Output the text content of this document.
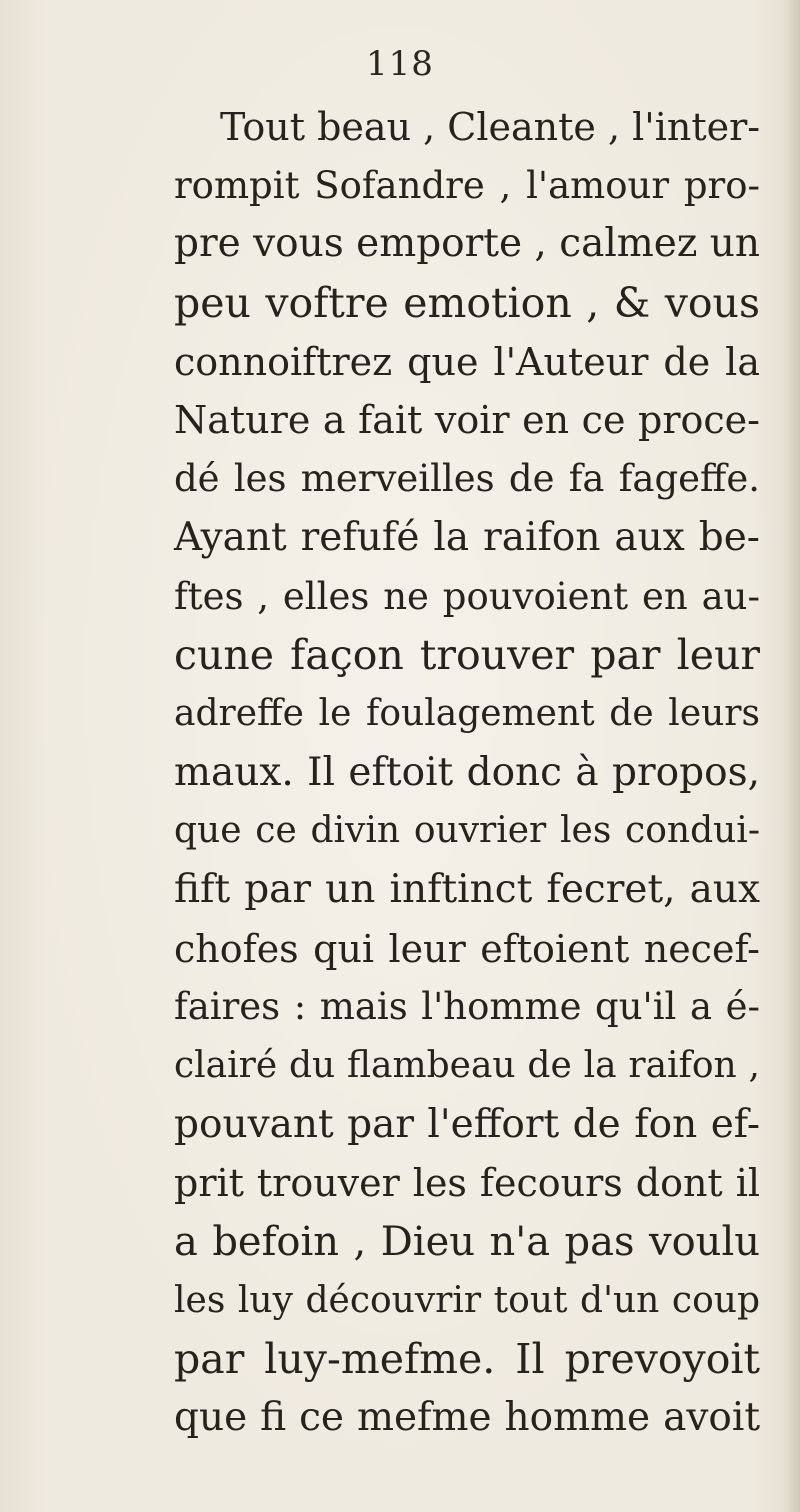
118
Tout beau , Cleante , l'inter-
rompit Sofandre , l'amour pro-
pre vous emporte , calmez un
peu voftre emotion , & vous
connoiftrez que l'Auteur de la
Nature a fait voir en ce proce-
dé les merveilles de fa fageffe.
Ayant refufé la raifon aux be-
ftes , elles ne pouvoient en au-
cune façon trouver par leur
adreffe le foulagement de leurs
maux. Il eftoit donc à propos,
que ce divin ouvrier les condui-
fift par un inftinct fecret, aux
chofes qui leur eftoient necef-
faires : mais l'homme qu'il a é-
clairé du flambeau de la raifon ,
pouvant par l'effort de fon ef-
prit trouver les fecours dont il
a befoin , Dieu n'a pas voulu
les luy découvrir tout d'un coup
par luy-mefme. Il prevoyoit
que fi ce mefme homme avoit
